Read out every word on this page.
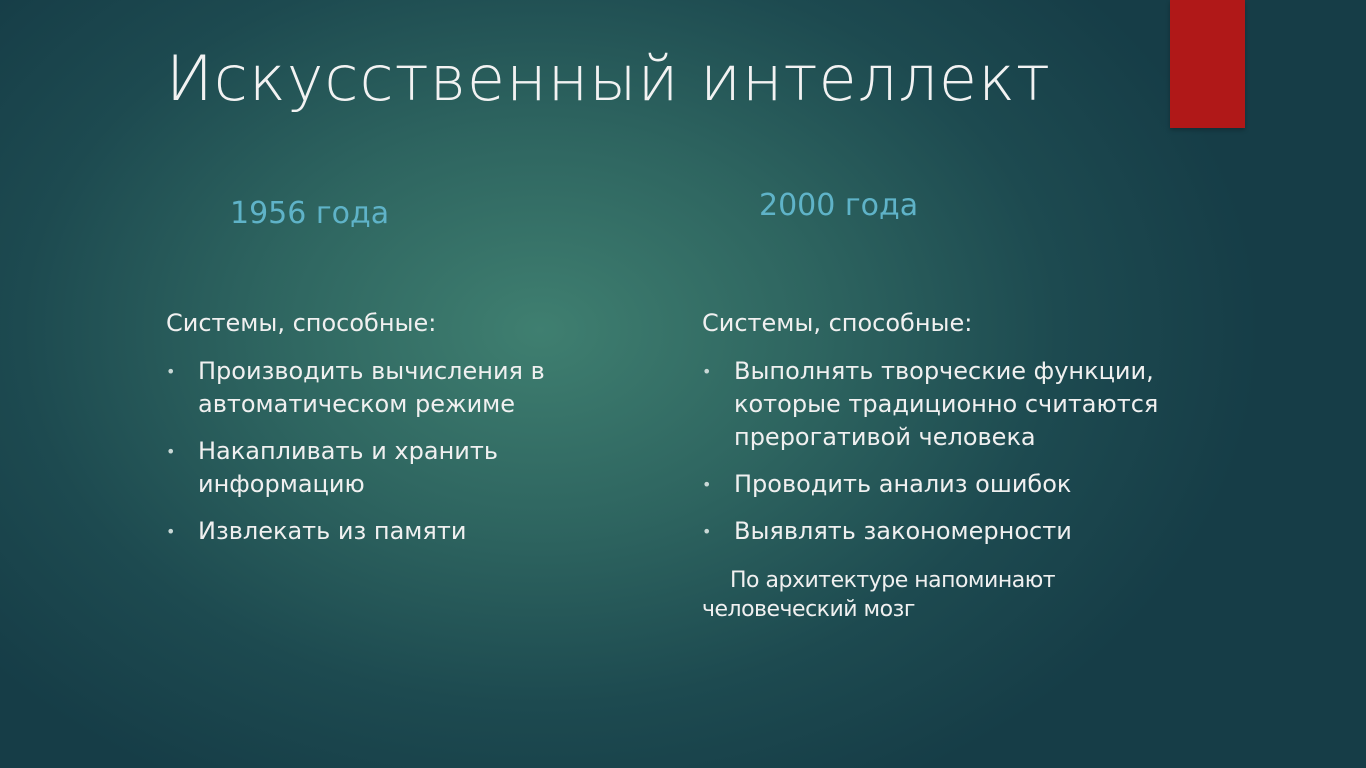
Искусственный интеллект

1956 года	2000 года

Системы, способные:	Системы, способные:

• Производить вычисления в автоматическом режиме
• Накапливать и хранить информацию
• Извлекать из памяти
• Выполнять творческие функции, которые традиционно считаются прерогативой человека
• Проводить анализ ошибок
• Выявлять закономерности

По архитектуре напоминают человеческий мозг
